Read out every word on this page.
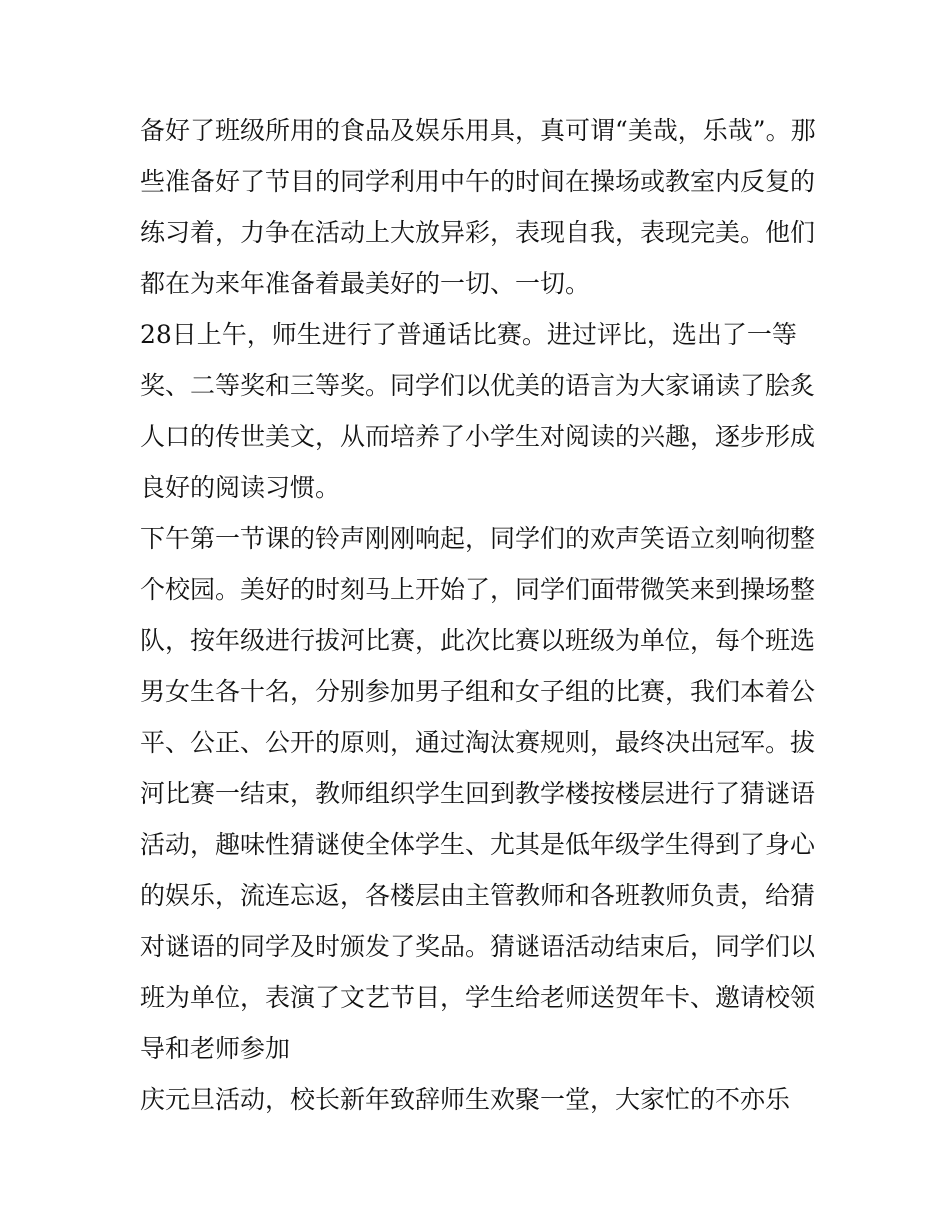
备好了班级所用的食品及娱乐用具，真可谓“美哉，乐哉”。那

些准备好了节目的同学利用中午的时间在操场或教室内反复的

练习着，力争在活动上大放异彩，表现自我，表现完美。他们

都在为来年准备着最美好的一切、一切。

28日上午，师生进行了普通话比赛。进过评比，选出了一等

奖、二等奖和三等奖。同学们以优美的语言为大家诵读了脍炙

人口的传世美文，从而培养了小学生对阅读的兴趣，逐步形成

良好的阅读习惯。

下午第一节课的铃声刚刚响起，同学们的欢声笑语立刻响彻整

个校园。美好的时刻马上开始了，同学们面带微笑来到操场整

队，按年级进行拔河比赛，此次比赛以班级为单位，每个班选

男女生各十名，分别参加男子组和女子组的比赛，我们本着公

平、公正、公开的原则，通过淘汰赛规则，最终决出冠军。拔

河比赛一结束，教师组织学生回到教学楼按楼层进行了猜谜语

活动，趣味性猜谜使全体学生、尤其是低年级学生得到了身心

的娱乐，流连忘返，各楼层由主管教师和各班教师负责，给猜

对谜语的同学及时颁发了奖品。猜谜语活动结束后，同学们以

班为单位，表演了文艺节目，学生给老师送贺年卡、邀请校领

导和老师参加

庆元旦活动，校长新年致辞师生欢聚一堂，大家忙的不亦乐
